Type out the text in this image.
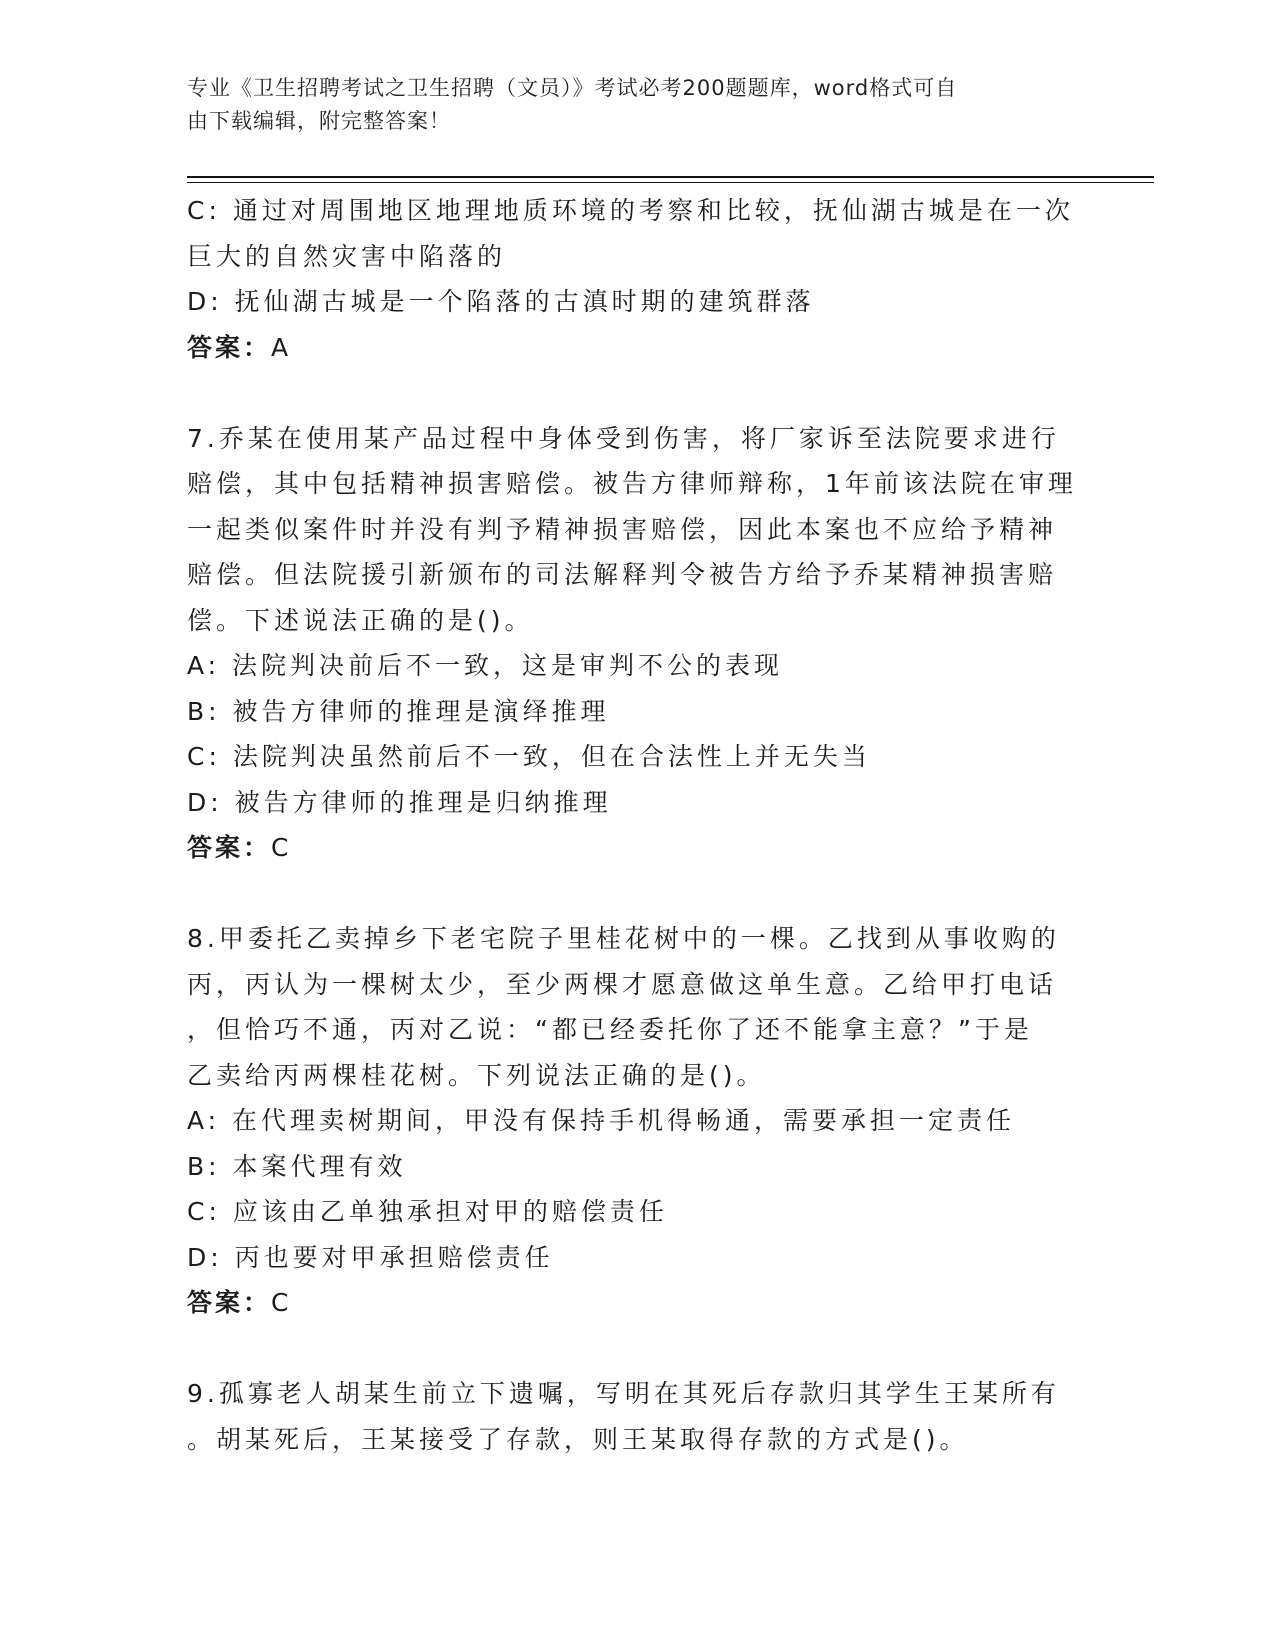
专业《卫生招聘考试之卫生招聘（文员）》考试必考200题题库，word格式可自
由下载编辑，附完整答案！
C: 通过对周围地区地理地质环境的考察和比较，抚仙湖古城是在一次
巨大的自然灾害中陷落的
D: 抚仙湖古城是一个陷落的古滇时期的建筑群落
答案：A
7.乔某在使用某产品过程中身体受到伤害，将厂家诉至法院要求进行
赔偿，其中包括精神损害赔偿。被告方律师辩称，1年前该法院在审理
一起类似案件时并没有判予精神损害赔偿，因此本案也不应给予精神
赔偿。但法院援引新颁布的司法解释判令被告方给予乔某精神损害赔
偿。下述说法正确的是()。
A: 法院判决前后不一致，这是审判不公的表现
B: 被告方律师的推理是演绎推理
C: 法院判决虽然前后不一致，但在合法性上并无失当
D: 被告方律师的推理是归纳推理
答案：C
8.甲委托乙卖掉乡下老宅院子里桂花树中的一棵。乙找到从事收购的
丙，丙认为一棵树太少，至少两棵才愿意做这单生意。乙给甲打电话
，但恰巧不通，丙对乙说：“都已经委托你了还不能拿主意？”于是
乙卖给丙两棵桂花树。下列说法正确的是()。
A: 在代理卖树期间，甲没有保持手机得畅通，需要承担一定责任
B: 本案代理有效
C: 应该由乙单独承担对甲的赔偿责任
D: 丙也要对甲承担赔偿责任
答案：C
9.孤寡老人胡某生前立下遗嘱，写明在其死后存款归其学生王某所有
。胡某死后，王某接受了存款，则王某取得存款的方式是()。
